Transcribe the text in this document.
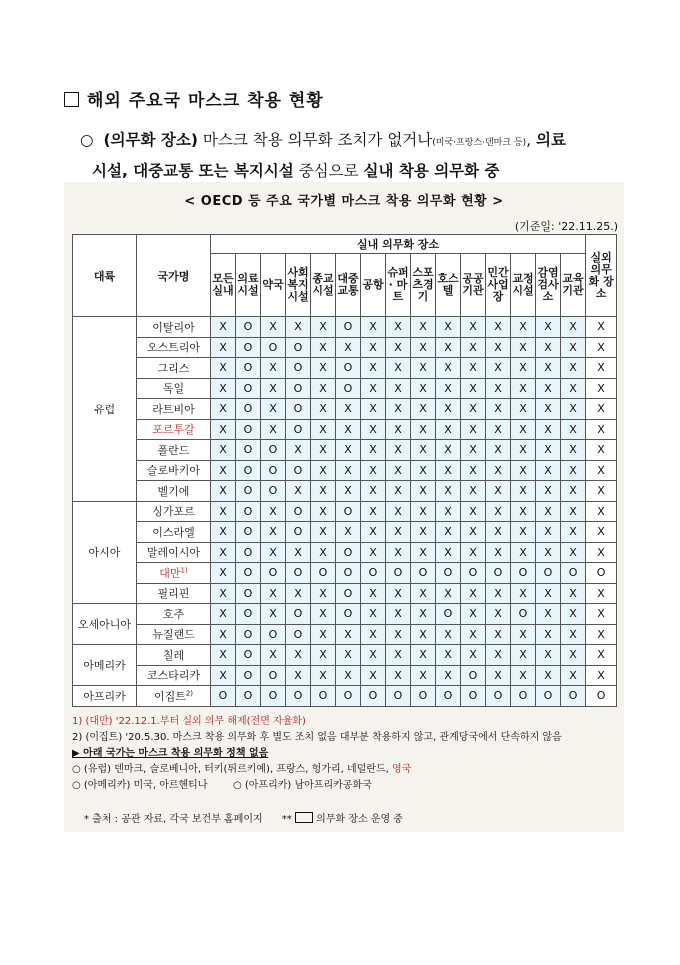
해외 주요국 마스크 착용 현황
○ (의무화 장소) 마스크 착용 의무화 조치가 없거나(미국·프랑스·덴마크 등), 의료
시설, 대중교통 또는 복지시설 중심으로 실내 착용 의무화 중
< OECD 등 주요 국가별 마스크 착용 의무화 현황 >
(기준일: '22.11.25.)
대륙	국가명	실내 의무화 장소															실외 의무화 장소
		모든 실내	의료 시설	약국	사회 복지 시설	종교 시설	대중 교통	공항	슈퍼 · 마트	스포츠경기	호스텔	공공기관	민간 사업장	교정 시설	감염 검사소	교육 기관	
유럽	이탈리아	X	O	X	X	X	O	X	X	X	X	X	X	X	X	X	X
	오스트리아	X	O	O	O	X	X	X	X	X	X	X	X	X	X	X	X
	그리스	X	O	X	O	X	O	X	X	X	X	X	X	X	X	X	X
	독일	X	O	X	O	X	O	X	X	X	X	X	X	X	X	X	X
	라트비아	X	O	X	O	X	X	X	X	X	X	X	X	X	X	X	X
	포르투갈	X	O	X	O	X	X	X	X	X	X	X	X	X	X	X	X
	폴란드	X	O	O	X	X	X	X	X	X	X	X	X	X	X	X	X
	슬로바키아	X	O	O	O	X	X	X	X	X	X	X	X	X	X	X	X
	벨기에	X	O	O	X	X	X	X	X	X	X	X	X	X	X	X	X
아시아	싱가포르	X	O	X	O	X	O	X	X	X	X	X	X	X	X	X	X
	이스라엘	X	O	X	O	X	X	X	X	X	X	X	X	X	X	X	X
	말레이시아	X	O	X	X	X	O	X	X	X	X	X	X	X	X	X	X
	대만$^{1)}$	X	O	O	O	O	O	O	O	O	O	O	O	O	O	O	O
	필리핀	X	O	X	X	X	O	X	X	X	X	X	X	X	X	X	X
오세아니아	호주	X	O	X	O	X	O	X	X	X	O	X	X	O	X	X	X
	뉴질랜드	X	O	O	O	X	X	X	X	X	X	X	X	X	X	X	X
아메리카	칠레	X	O	X	X	X	X	X	X	X	X	X	X	X	X	X	X
	코스타리카	X	O	O	X	X	X	X	X	X	X	O	X	X	X	X	X
아프리카	이집트$^{2)}$	O	O	O	O	O	O	O	O	O	O	O	O	O	O	O	O
1) (대만) '22.12.1.부터 실외 의무 해제(전면 자율화)
2) (이집트) '20.5.30. 마스크 착용 의무화 후 별도 조치 없음 대부분 착용하지 않고, 관계당국에서 단속하지 않음
▶ 아래 국가는 마스크 착용 의무화 정책 없음
○ (유럽) 덴마크, 슬로베니아, 터키(튀르키예), 프랑스, 헝가리, 네덜란드, 영국
○ (아메리카) 미국, 아르헨티나	○ (아프리카) 남아프리카공화국
* 출처 : 공관 자료, 각국 보건부 홈페이지 ** 의무화 장소 운영 중
